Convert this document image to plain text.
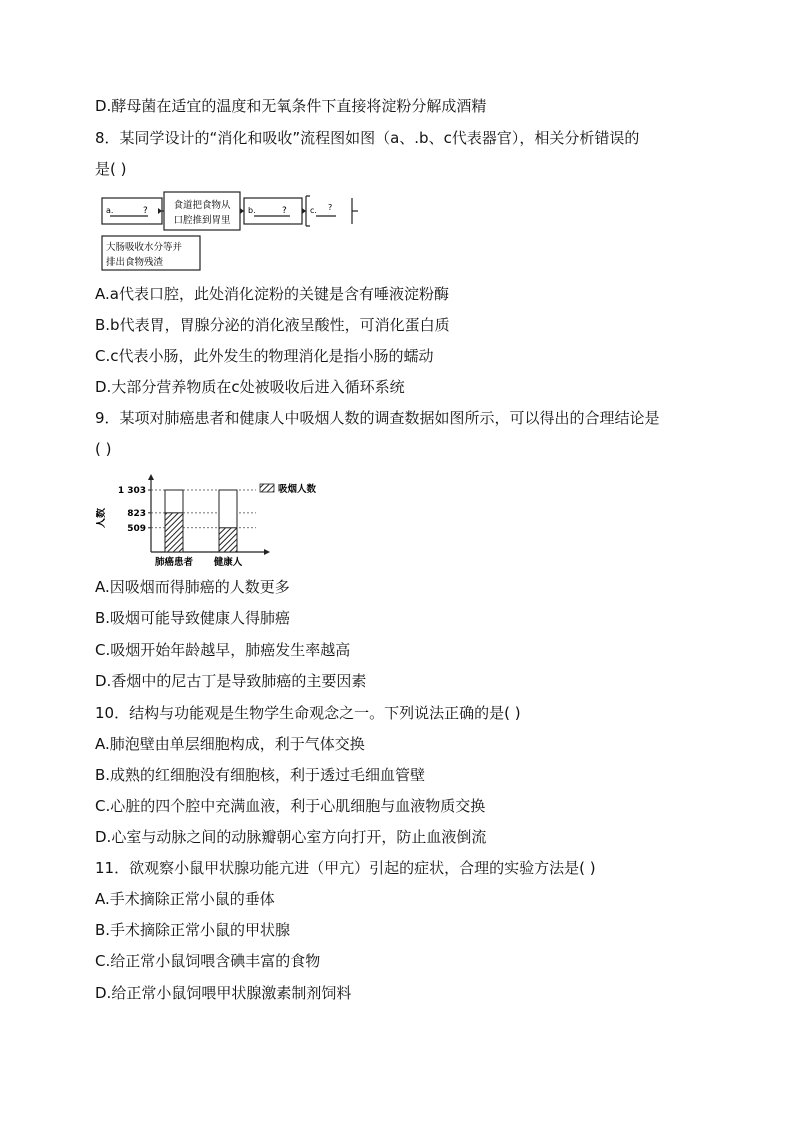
D.酵母菌在适宜的温度和无氧条件下直接将淀粉分解成酒精
8．某同学设计的“消化和吸收”流程图如图（a、.b、c代表器官），相关分析错误的
是( )
a.	?	食道把食物从
口腔推到胃里
b.	?	c. ?
大肠吸收水分等并
排出食物残渣
A.a代表口腔，此处消化淀粉的关键是含有唾液淀粉酶
B.b代表胃，胃腺分泌的消化液呈酸性，可消化蛋白质
C.c代表小肠，此外发生的物理消化是指小肠的蠕动
D.大部分营养物质在c处被吸收后进入循环系统
9．某项对肺癌患者和健康人中吸烟人数的调查数据如图所示，可以得出的合理结论是
( )
人数
吸烟人数
509
823
1 303
肺癌患者 健康人
A.因吸烟而得肺癌的人数更多
B.吸烟可能导致健康人得肺癌
C.吸烟开始年龄越早，肺癌发生率越高
D.香烟中的尼古丁是导致肺癌的主要因素
10．结构与功能观是生物学生命观念之一。下列说法正确的是( )
A.肺泡壁由单层细胞构成，利于气体交换
B.成熟的红细胞没有细胞核，利于透过毛细血管壁
C.心脏的四个腔中充满血液，利于心肌细胞与血液物质交换
D.心室与动脉之间的动脉瓣朝心室方向打开，防止血液倒流
11．欲观察小鼠甲状腺功能亢进（甲亢）引起的症状，合理的实验方法是( )
A.手术摘除正常小鼠的垂体
B.手术摘除正常小鼠的甲状腺
C.给正常小鼠饲喂含碘丰富的食物
D.给正常小鼠饲喂甲状腺激素制剂饲料
